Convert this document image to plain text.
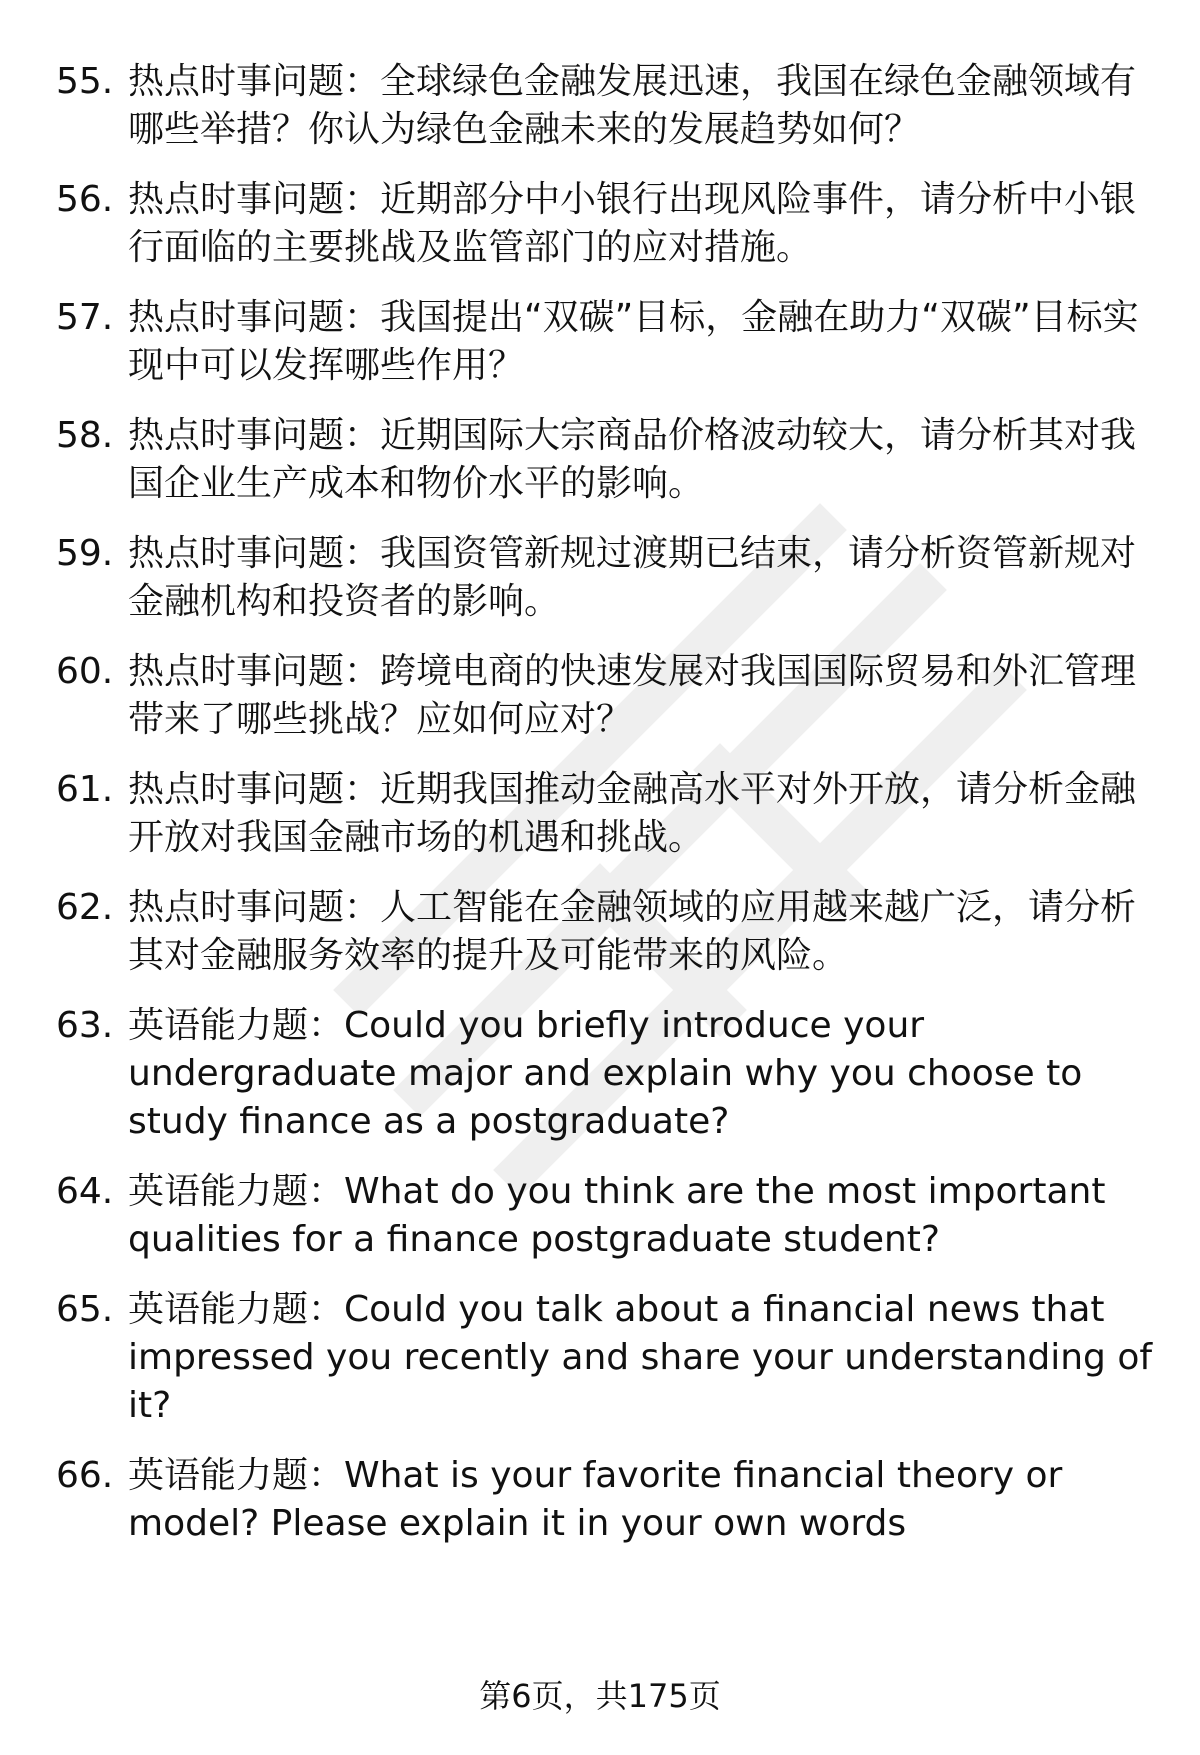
55. 热点时事问题：全球绿色金融发展迅速，我国在绿色金融领域有哪些举措？你认为绿色金融未来的发展趋势如何？
56. 热点时事问题：近期部分中小银行出现风险事件，请分析中小银行面临的主要挑战及监管部门的应对措施。
57. 热点时事问题：我国提出“双碳”目标，金融在助力“双碳”目标实现中可以发挥哪些作用？
58. 热点时事问题：近期国际大宗商品价格波动较大，请分析其对我国企业生产成本和物价水平的影响。
59. 热点时事问题：我国资管新规过渡期已结束，请分析资管新规对金融机构和投资者的影响。
60. 热点时事问题：跨境电商的快速发展对我国国际贸易和外汇管理带来了哪些挑战？应如何应对？
61. 热点时事问题：近期我国推动金融高水平对外开放，请分析金融开放对我国金融市场的机遇和挑战。
62. 热点时事问题：人工智能在金融领域的应用越来越广泛，请分析其对金融服务效率的提升及可能带来的风险。
63. 英语能力题：Could you briefly introduce your undergraduate major and explain why you choose to study finance as a postgraduate?
64. 英语能力题：What do you think are the most important qualities for a finance postgraduate student?
65. 英语能力题：Could you talk about a financial news that impressed you recently and share your understanding of it?
66. 英语能力题：What is your favorite financial theory or model? Please explain it in your own words
第6页，共175页
